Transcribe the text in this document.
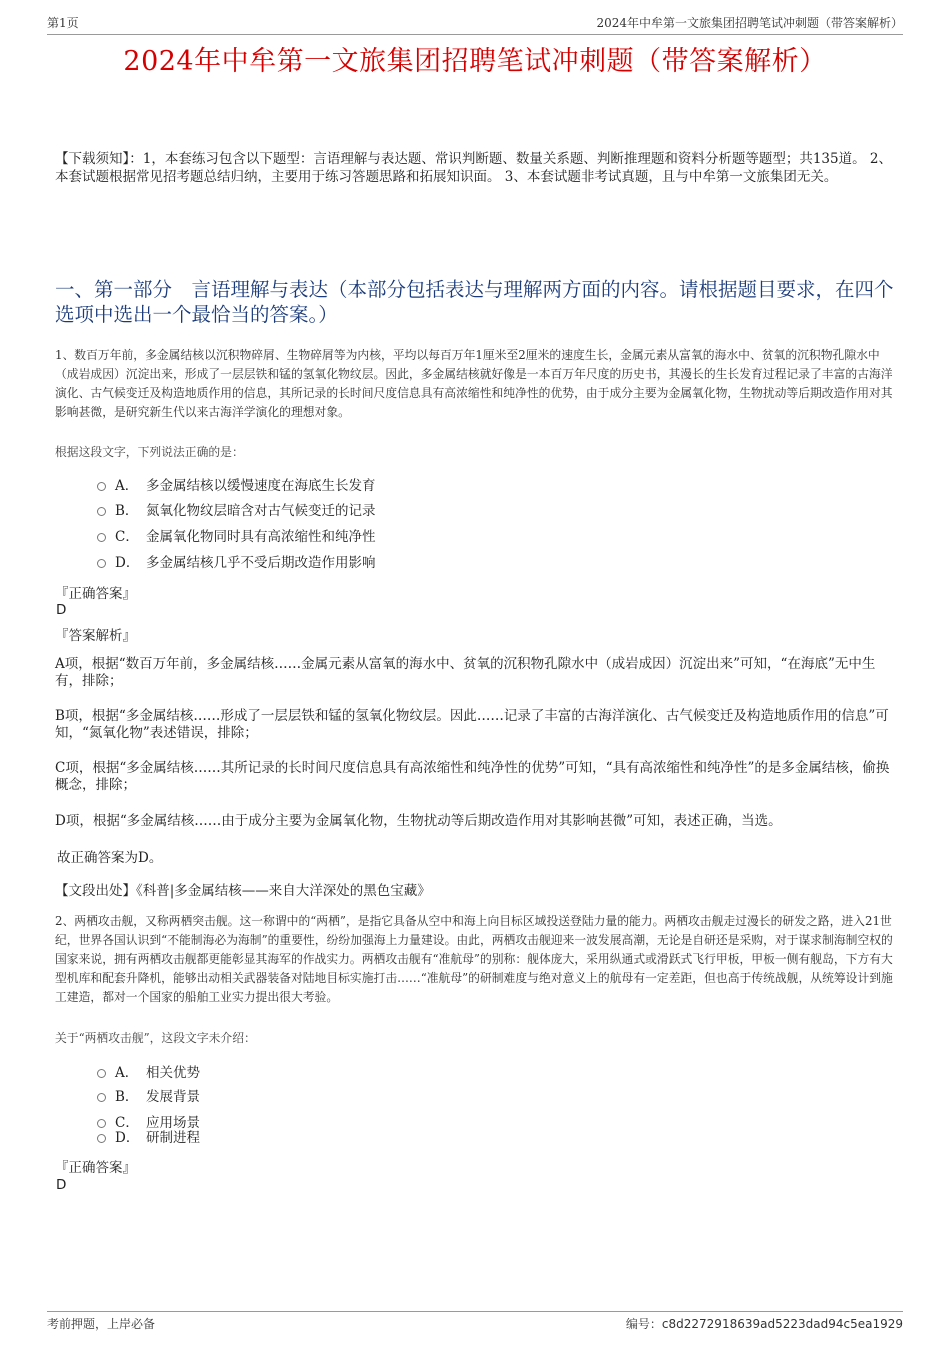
第1页	2024年中牟第一文旅集团招聘笔试冲刺题（带答案解析）
2024年中牟第一文旅集团招聘笔试冲刺题（带答案解析）
【下载须知】：1，本套练习包含以下题型：言语理解与表达题、常识判断题、数量关系题、判断推理题和资料分析题等题型；共135道。 2、本套试题根据常见招考题总结归纳，主要用于练习答题思路和拓展知识面。 3、本套试题非考试真题，且与中牟第一文旅集团无关。
一、第一部分　言语理解与表达（本部分包括表达与理解两方面的内容。请根据题目要求，在四个选项中选出一个最恰当的答案。）
1、数百万年前，多金属结核以沉积物碎屑、生物碎屑等为内核，平均以每百万年1厘米至2厘米的速度生长，金属元素从富氧的海水中、贫氧的沉积物孔隙水中（成岩成因）沉淀出来，形成了一层层铁和锰的氢氧化物纹层。因此，多金属结核就好像是一本百万年尺度的历史书，其漫长的生长发育过程记录了丰富的古海洋演化、古气候变迁及构造地质作用的信息，其所记录的长时间尺度信息具有高浓缩性和纯净性的优势，由于成分主要为金属氧化物，生物扰动等后期改造作用对其影响甚微，是研究新生代以来古海洋学演化的理想对象。
根据这段文字，下列说法正确的是：
A． 多金属结核以缓慢速度在海底生长发育
B． 氮氧化物纹层暗含对古气候变迁的记录
C． 金属氧化物同时具有高浓缩性和纯净性
D． 多金属结核几乎不受后期改造作用影响
『正确答案』
D
『答案解析』
A项，根据“数百万年前，多金属结核……金属元素从富氧的海水中、贫氧的沉积物孔隙水中（成岩成因）沉淀出来”可知，“在海底”无中生有，排除；
B项，根据“多金属结核……形成了一层层铁和锰的氢氧化物纹层。因此……记录了丰富的古海洋演化、古气候变迁及构造地质作用的信息”可知，“氮氧化物”表述错误，排除；
C项，根据“多金属结核……其所记录的长时间尺度信息具有高浓缩性和纯净性的优势”可知，“具有高浓缩性和纯净性”的是多金属结核，偷换概念，排除；
D项，根据“多金属结核……由于成分主要为金属氧化物，生物扰动等后期改造作用对其影响甚微”可知，表述正确，当选。
故正确答案为D。
【文段出处】《科普|多金属结核——来自大洋深处的黑色宝藏》
2、两栖攻击舰，又称两栖突击舰。这一称谓中的“两栖”，是指它具备从空中和海上向目标区域投送登陆力量的能力。两栖攻击舰走过漫长的研发之路，进入21世纪，世界各国认识到“不能制海必为海制”的重要性，纷纷加强海上力量建设。由此，两栖攻击舰迎来一波发展高潮，无论是自研还是采购，对于谋求制海制空权的国家来说，拥有两栖攻击舰都更能彰显其海军的作战实力。两栖攻击舰有“准航母”的别称：舰体庞大，采用纵通式或滑跃式飞行甲板，甲板一侧有舰岛，下方有大型机库和配套升降机，能够出动相关武器装备对陆地目标实施打击……“准航母”的研制难度与绝对意义上的航母有一定差距，但也高于传统战舰，从统筹设计到施工建造，都对一个国家的船舶工业实力提出很大考验。
关于“两栖攻击舰”，这段文字未介绍：
A． 相关优势
B． 发展背景
C． 应用场景
D． 研制进程
『正确答案』
D
考前押题，上岸必备	编号：c8d2272918639ad5223dad94c5ea1929
